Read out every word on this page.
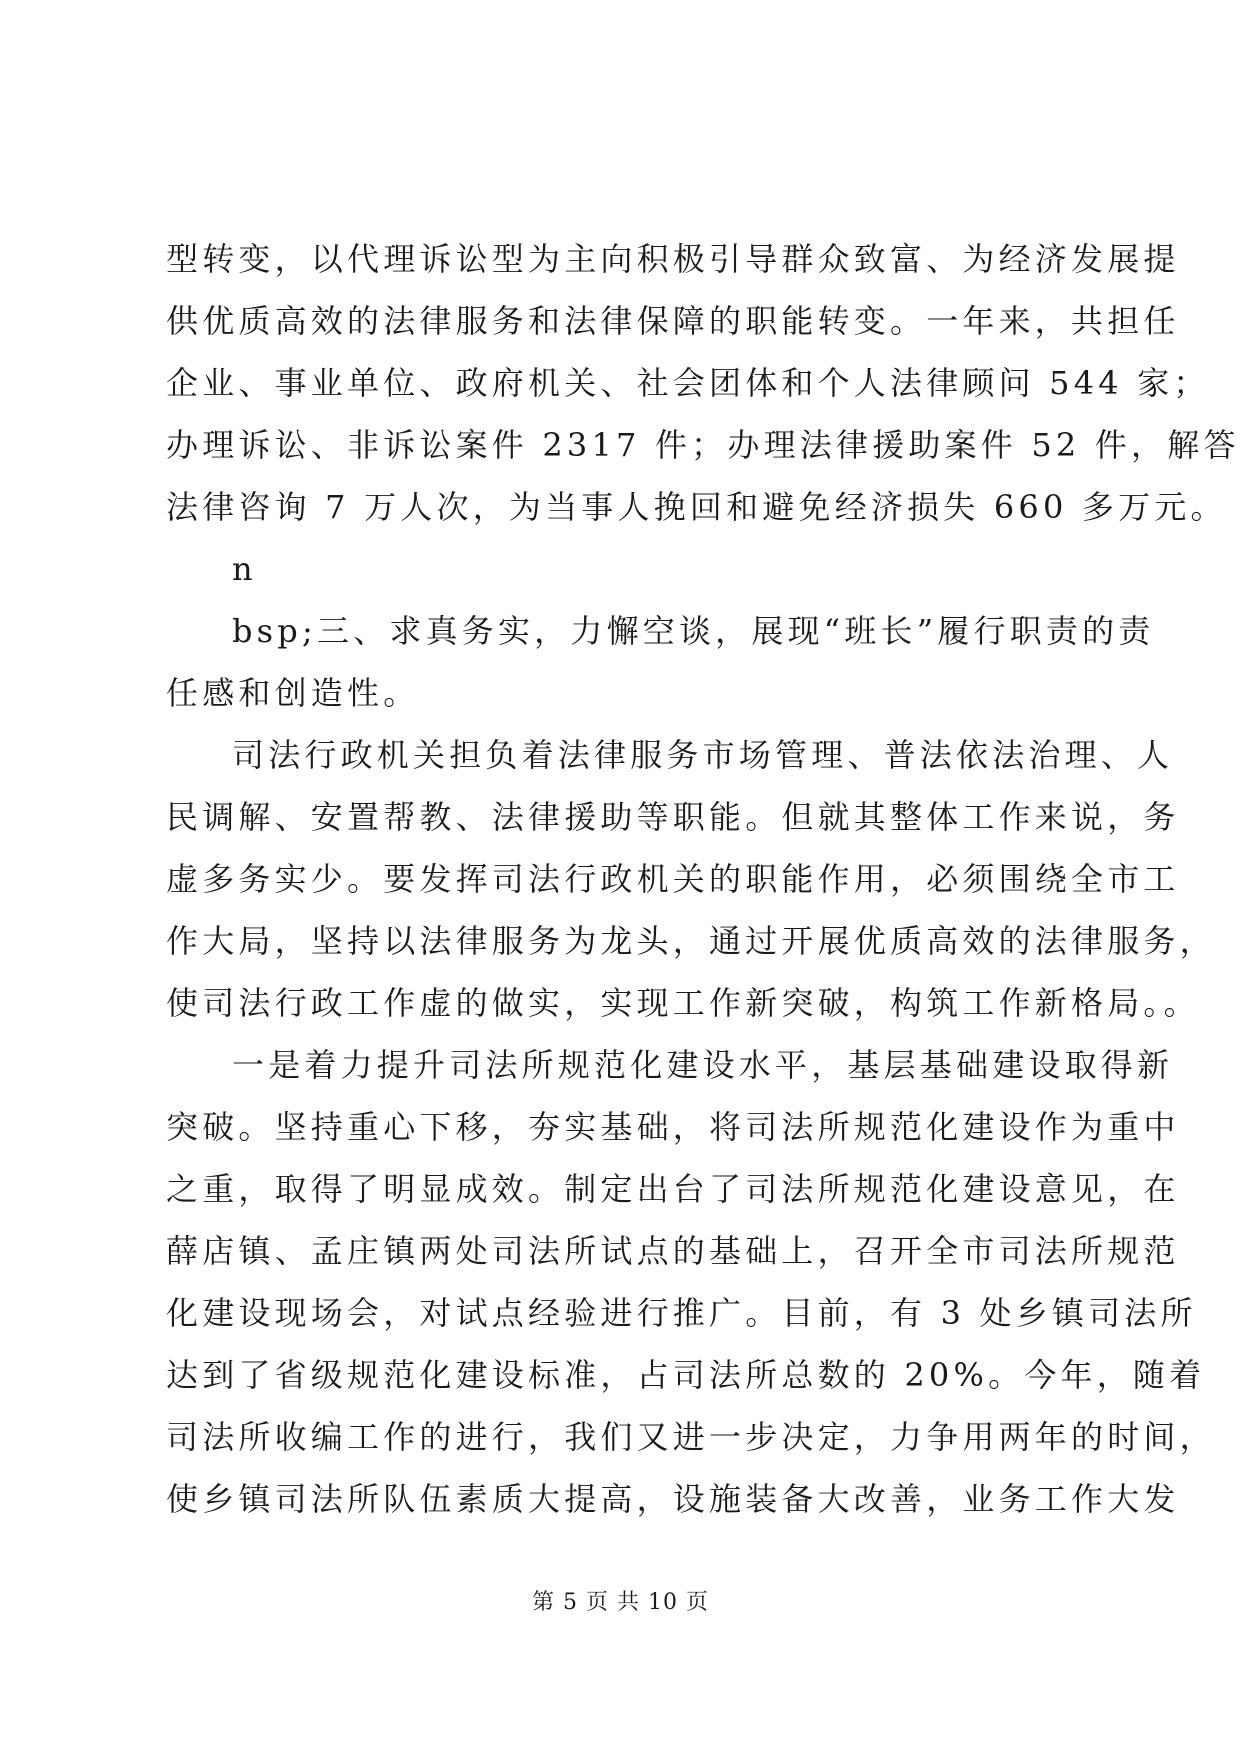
型转变，以代理诉讼型为主向积极引导群众致富、为经济发展提
供优质高效的法律服务和法律保障的职能转变。一年来，共担任
企业、事业单位、政府机关、社会团体和个人法律顾问 544 家；
办理诉讼、非诉讼案件 2317 件；办理法律援助案件 52 件，解答
法律咨询 7 万人次，为当事人挽回和避免经济损失 660 多万元。
n
bsp;三、求真务实，力懈空谈，展现“班长”履行职责的责
任感和创造性。
司法行政机关担负着法律服务市场管理、普法依法治理、人
民调解、安置帮教、法律援助等职能。但就其整体工作来说，务
虚多务实少。要发挥司法行政机关的职能作用，必须围绕全市工
作大局，坚持以法律服务为龙头，通过开展优质高效的法律服务，
使司法行政工作虚的做实，实现工作新突破，构筑工作新格局。。
一是着力提升司法所规范化建设水平，基层基础建设取得新
突破。坚持重心下移，夯实基础，将司法所规范化建设作为重中
之重，取得了明显成效。制定出台了司法所规范化建设意见，在
薛店镇、孟庄镇两处司法所试点的基础上，召开全市司法所规范
化建设现场会，对试点经验进行推广。目前，有 3 处乡镇司法所
达到了省级规范化建设标准，占司法所总数的 20%。今年，随着
司法所收编工作的进行，我们又进一步决定，力争用两年的时间，
使乡镇司法所队伍素质大提高，设施装备大改善，业务工作大发
第 5 页 共 10 页
